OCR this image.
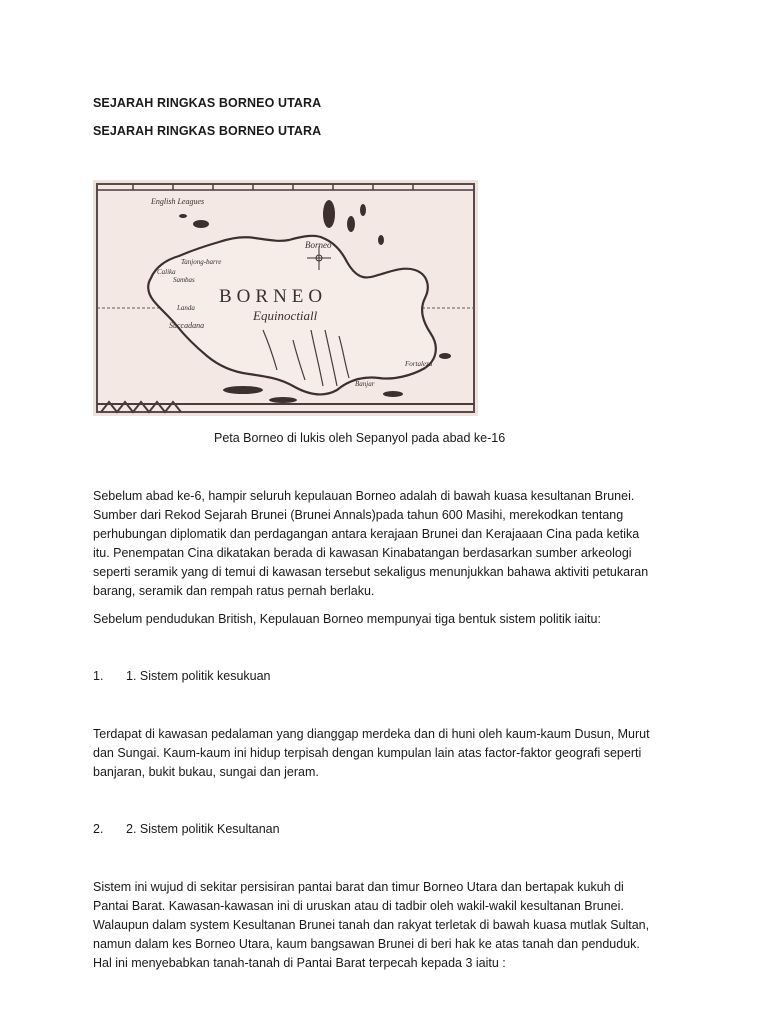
SEJARAH RINGKAS BORNEO UTARA
SEJARAH RINGKAS BORNEO UTARA
English Leagues
Borneo
BORNEO
Equinoctiall
Succadana
Tanjong-barre
Calika
Sambas
Landa
Fortaleza
Banjar
Peta Borneo di lukis oleh Sepanyol pada abad ke-16
Sebelum abad ke-6, hampir seluruh kepulauan Borneo adalah di bawah kuasa kesultanan Brunei.
Sumber dari Rekod Sejarah Brunei (Brunei Annals)pada tahun 600 Masihi, merekodkan tentang
perhubungan diplomatik dan perdagangan antara kerajaan Brunei dan Kerajaaan Cina pada ketika
itu. Penempatan Cina dikatakan berada di kawasan Kinabatangan berdasarkan sumber arkeologi
seperti seramik yang di temui di kawasan tersebut sekaligus menunjukkan bahawa aktiviti petukaran
barang, seramik dan rempah ratus pernah berlaku.
Sebelum pendudukan British, Kepulauan Borneo mempunyai tiga bentuk sistem politik iaitu:
1. 1. Sistem politik kesukuan
Terdapat di kawasan pedalaman yang dianggap merdeka dan di huni oleh kaum-kaum Dusun, Murut
dan Sungai. Kaum-kaum ini hidup terpisah dengan kumpulan lain atas factor-faktor geografi seperti
banjaran, bukit bukau, sungai dan jeram.
2. 2. Sistem politik Kesultanan
Sistem ini wujud di sekitar persisiran pantai barat dan timur Borneo Utara dan bertapak kukuh di
Pantai Barat. Kawasan-kawasan ini di uruskan atau di tadbir oleh wakil-wakil kesultanan Brunei.
Walaupun dalam system Kesultanan Brunei tanah dan rakyat terletak di bawah kuasa mutlak Sultan,
namun dalam kes Borneo Utara, kaum bangsawan Brunei di beri hak ke atas tanah dan penduduk.
Hal ini menyebabkan tanah-tanah di Pantai Barat terpecah kepada 3 iaitu :
